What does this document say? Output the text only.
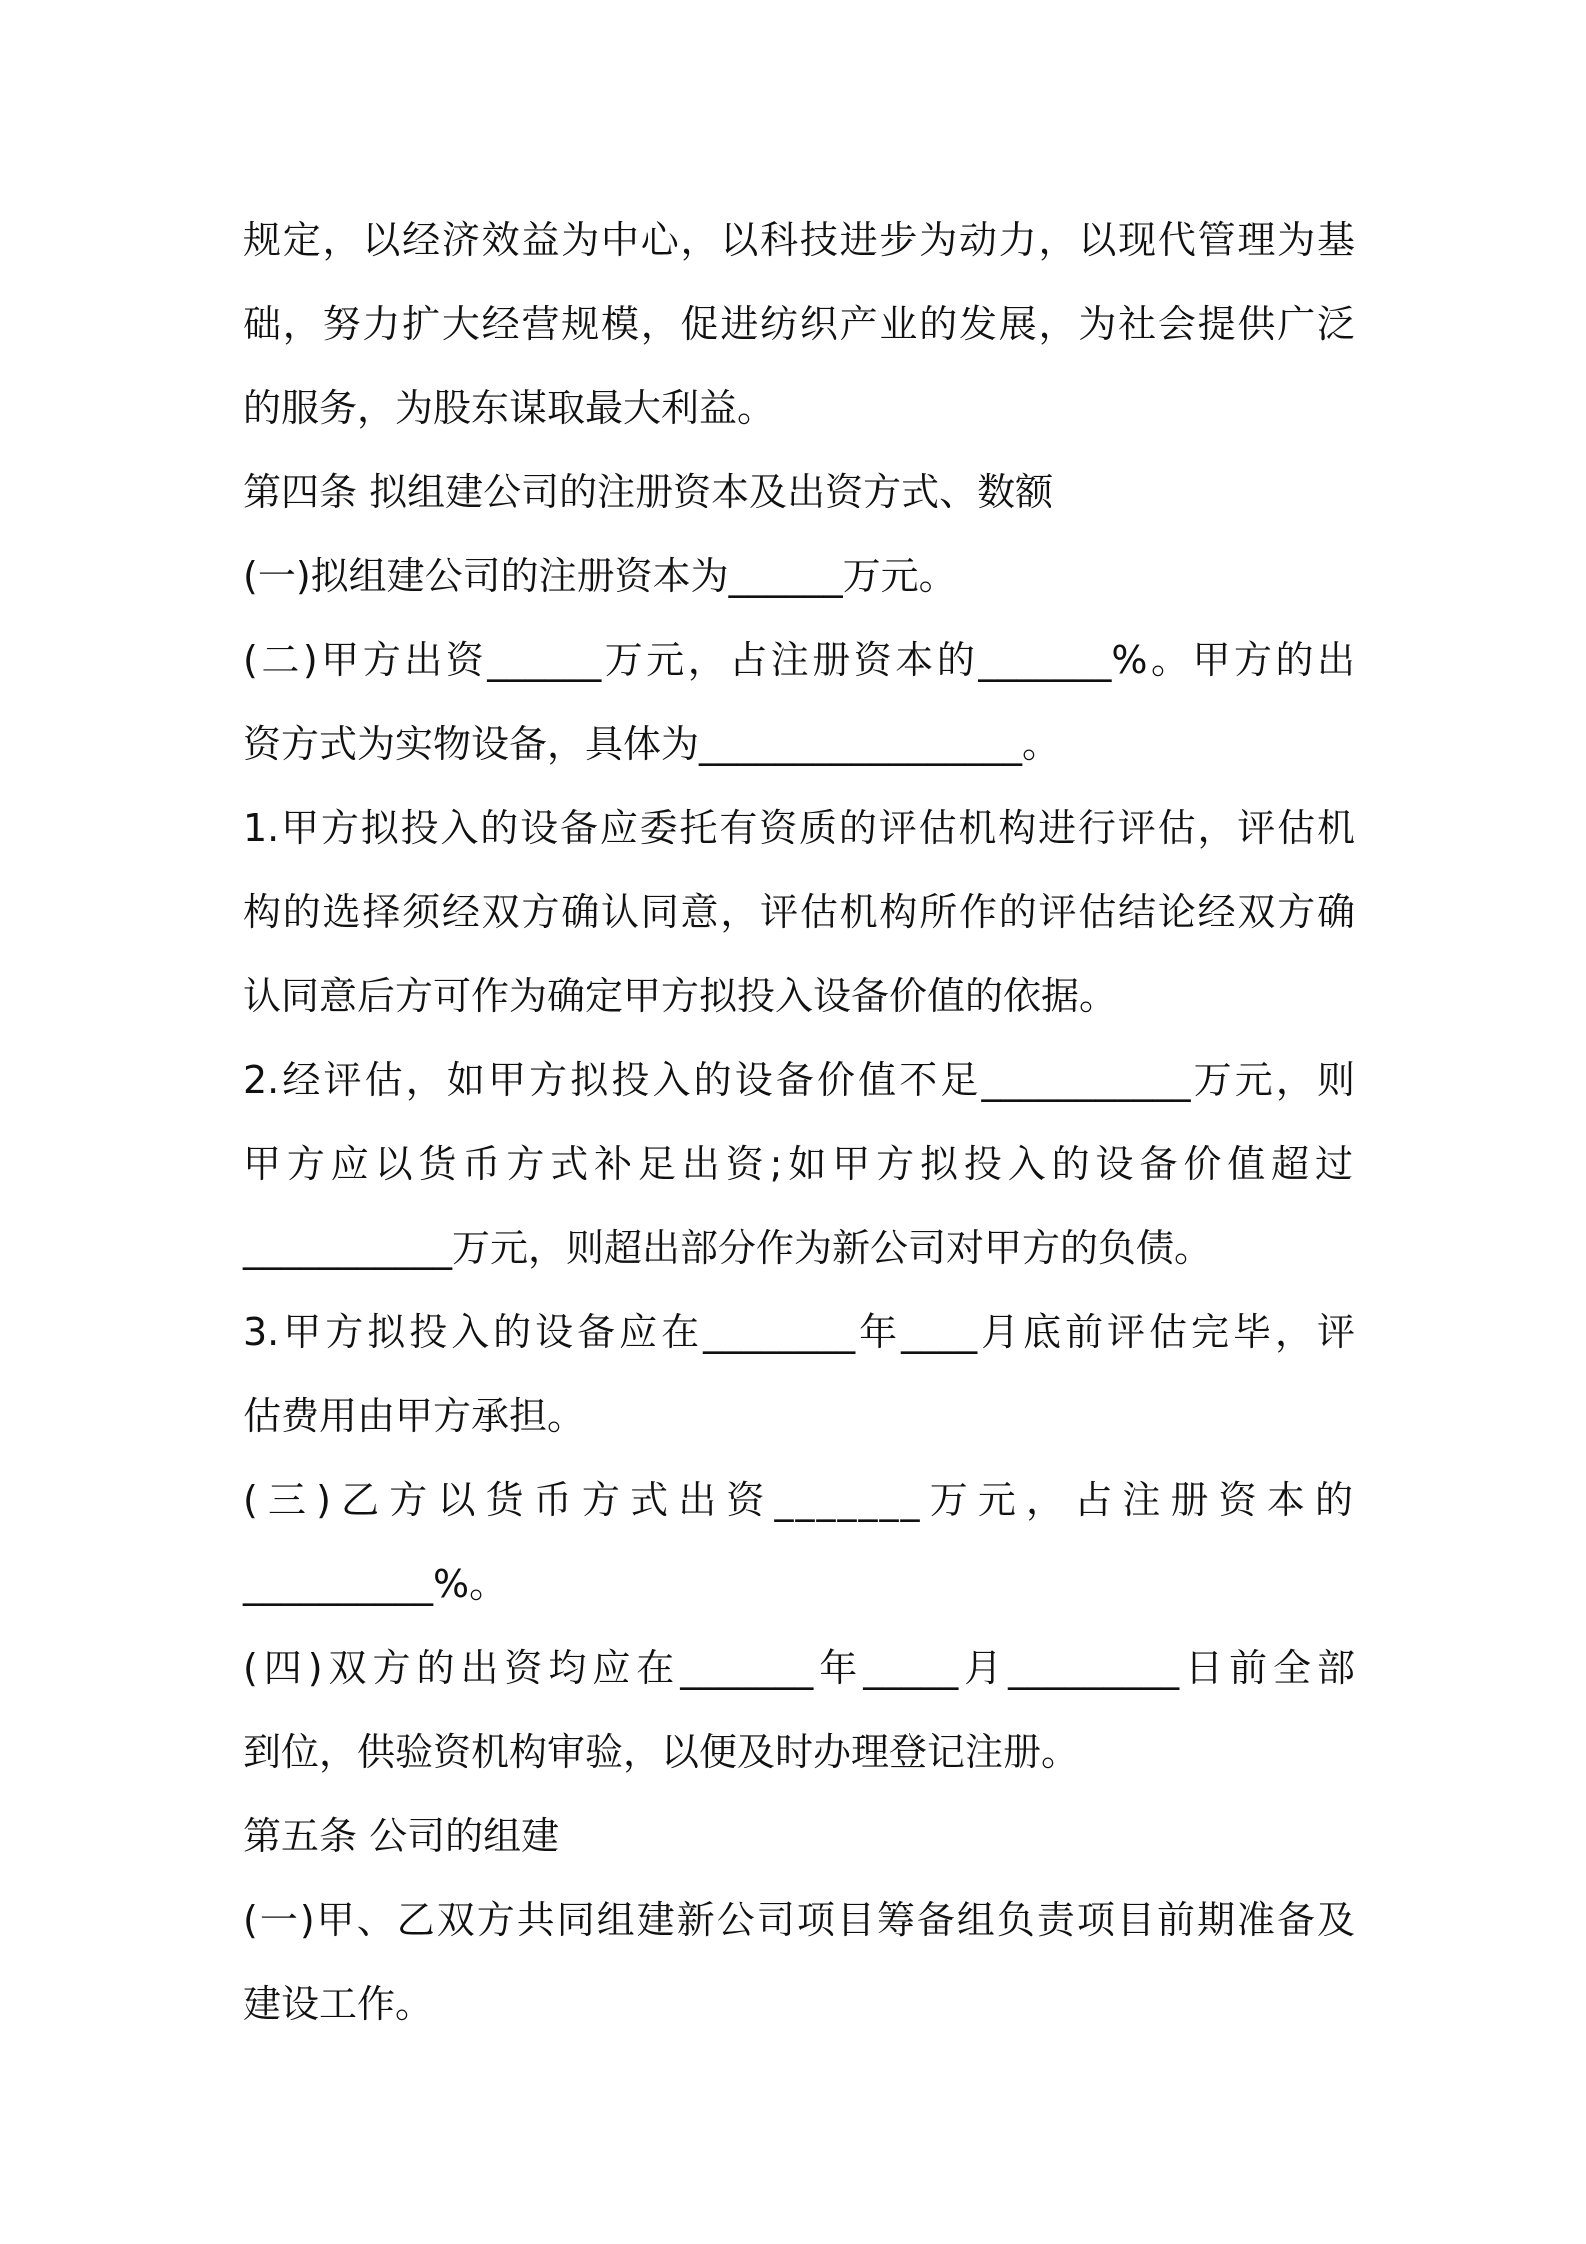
规定，以经济效益为中心，以科技进步为动力，以现代管理为基
础，努力扩大经营规模，促进纺织产业的发展，为社会提供广泛
的服务，为股东谋取最大利益。
第四条 拟组建公司的注册资本及出资方式、数额
(一)拟组建公司的注册资本为______万元。
(二)甲方出资______万元，占注册资本的_______%。甲方的出
资方式为实物设备，具体为_________________。
1.甲方拟投入的设备应委托有资质的评估机构进行评估，评估机
构的选择须经双方确认同意，评估机构所作的评估结论经双方确
认同意后方可作为确定甲方拟投入设备价值的依据。
2.经评估，如甲方拟投入的设备价值不足___________万元，则
甲方应以货币方式补足出资;如甲方拟投入的设备价值超过
___________万元，则超出部分作为新公司对甲方的负债。
3.甲方拟投入的设备应在________年____月底前评估完毕，评
估费用由甲方承担。
(三)乙方以货币方式出资_______万元，占注册资本的
__________%。
(四)双方的出资均应在_______年_____月_________日前全部
到位，供验资机构审验，以便及时办理登记注册。
第五条 公司的组建
(一)甲、乙双方共同组建新公司项目筹备组负责项目前期准备及
建设工作。
